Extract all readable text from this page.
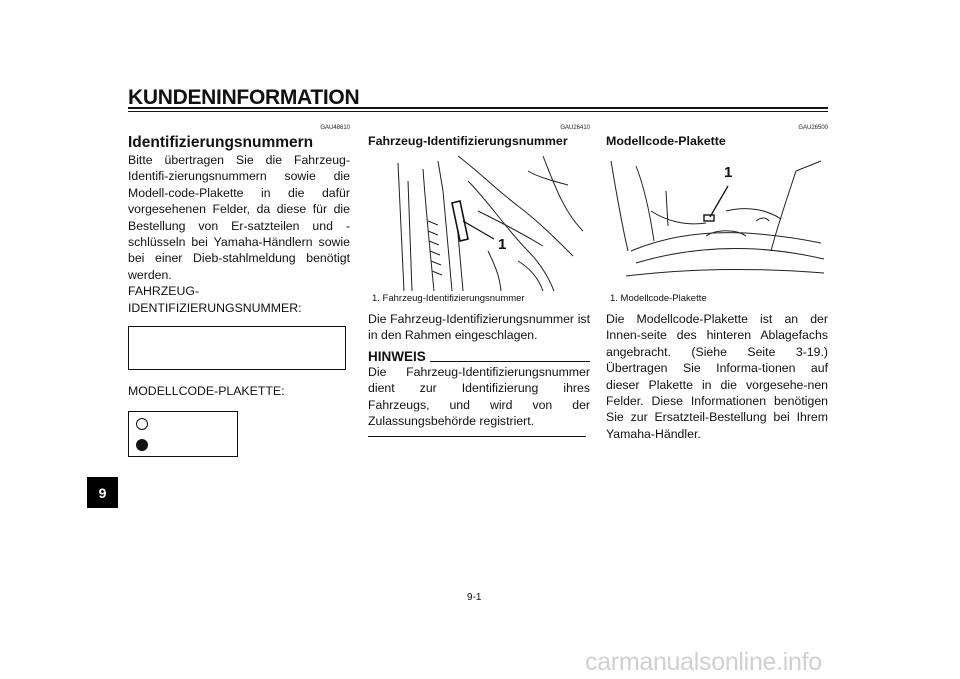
KUNDENINFORMATION
9
GAU48610
Identifizierungsnummern

Bitte übertragen Sie die Fahrzeug-Identifi-zierungsnummern sowie die Modell-code-Plakette in die dafür vorgesehenen Felder, da diese für die Bestellung von Er-satzteilen und -schlüsseln bei Yamaha-Händlern sowie bei einer Dieb-stahlmeldung benötigt werden.

FAHRZEUG-
IDENTIFIZIERUNGSNUMMER:
MODELLCODE-PLAKETTE:
GAU26410
Fahrzeug-Identifizierungsnummer
1
1. Fahrzeug-Identifizierungsnummer

Die Fahrzeug-Identifizierungsnummer ist in den Rahmen eingeschlagen.

HINWEIS

Die Fahrzeug-Identifizierungsnummer dient zur Identifizierung ihres Fahrzeugs, und wird von der Zulassungsbehörde registriert.

GAU26500
Modellcode-Plakette
1
1. Modellcode-Plakette

Die Modellcode-Plakette ist an der Innen-seite des hinteren Ablagefachs angebracht. (Siehe Seite 3-19.) Übertragen Sie Informa-tionen auf dieser Plakette in die vorgesehe-nen Felder. Diese Informationen benötigen Sie zur Ersatzteil-Bestellung bei Ihrem Yamaha-Händler.

9-1
carmanualsonline.info
